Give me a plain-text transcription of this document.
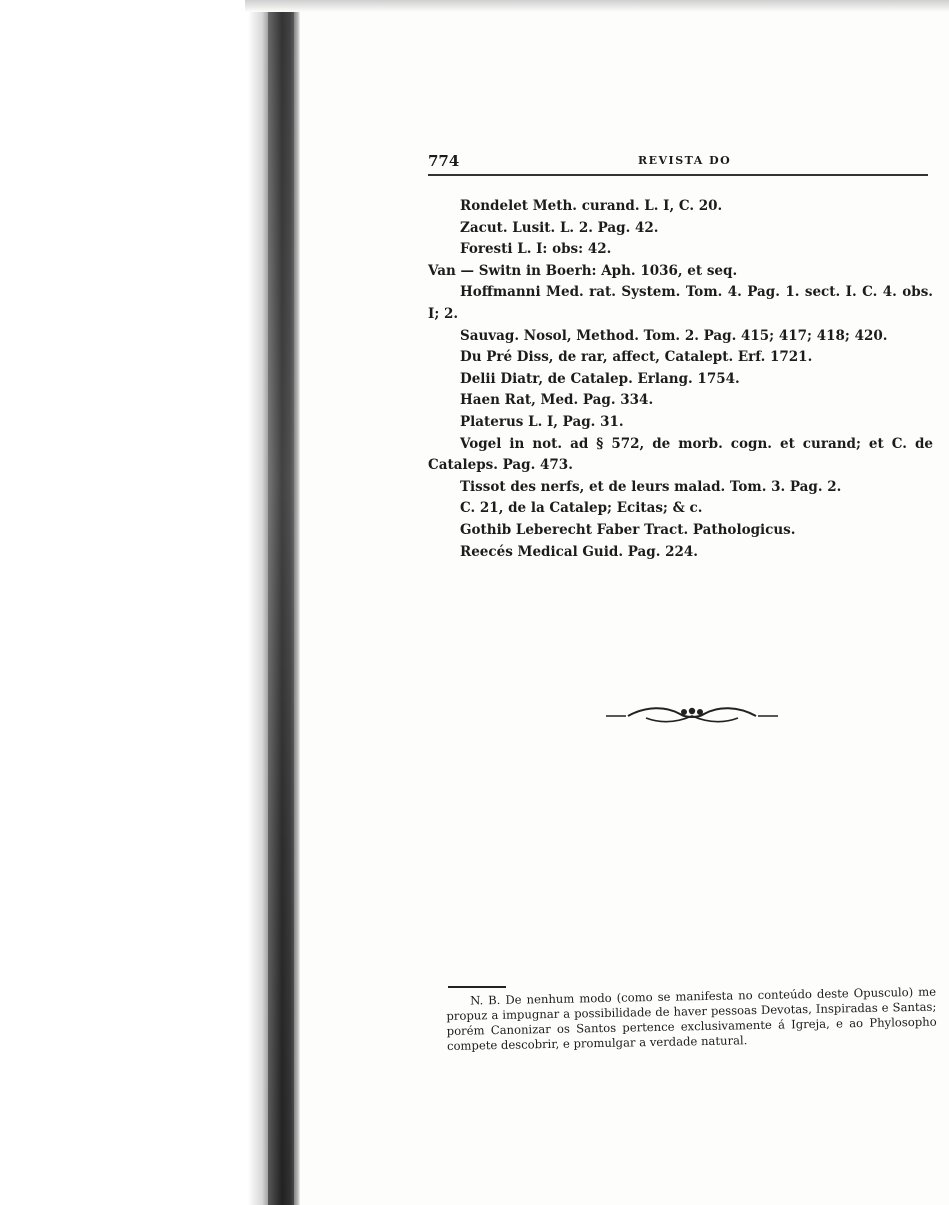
774	REVISTA DO
Rondelet Meth. curand. L. I, C. 20.
Zacut. Lusit. L. 2. Pag. 42.
Foresti L. I: obs: 42.
Van — Switn in Boerh: Aph. 1036, et seq.
Hoffmanni Med. rat. System. Tom. 4. Pag. 1. sect. I. C. 4. obs. I; 2.
Sauvag. Nosol, Method. Tom. 2. Pag. 415; 417; 418; 420.
Du Pré Diss, de rar, affect, Catalept. Erf. 1721.
Delii Diatr, de Catalep. Erlang. 1754.
Haen Rat, Med. Pag. 334.
Platerus L. I, Pag. 31.
Vogel in not. ad § 572, de morb. cogn. et curand; et C. de Cataleps. Pag. 473.
Tissot des nerfs, et de leurs malad. Tom. 3. Pag. 2.
C. 21, de la Catalep; Ecitas; & c.
Gothib Leberecht Faber Tract. Pathologicus.
Reecés Medical Guid. Pag. 224.
N. B. De nenhum modo (como se manifesta no conteúdo deste Opusculo) me propuz a impugnar a possibilidade de haver pessoas Devotas, Inspiradas e Santas; porém Canonizar os Santos pertence exclusivamente á Igreja, e ao Phylosopho compete descobrir, e promulgar a verdade natural.
